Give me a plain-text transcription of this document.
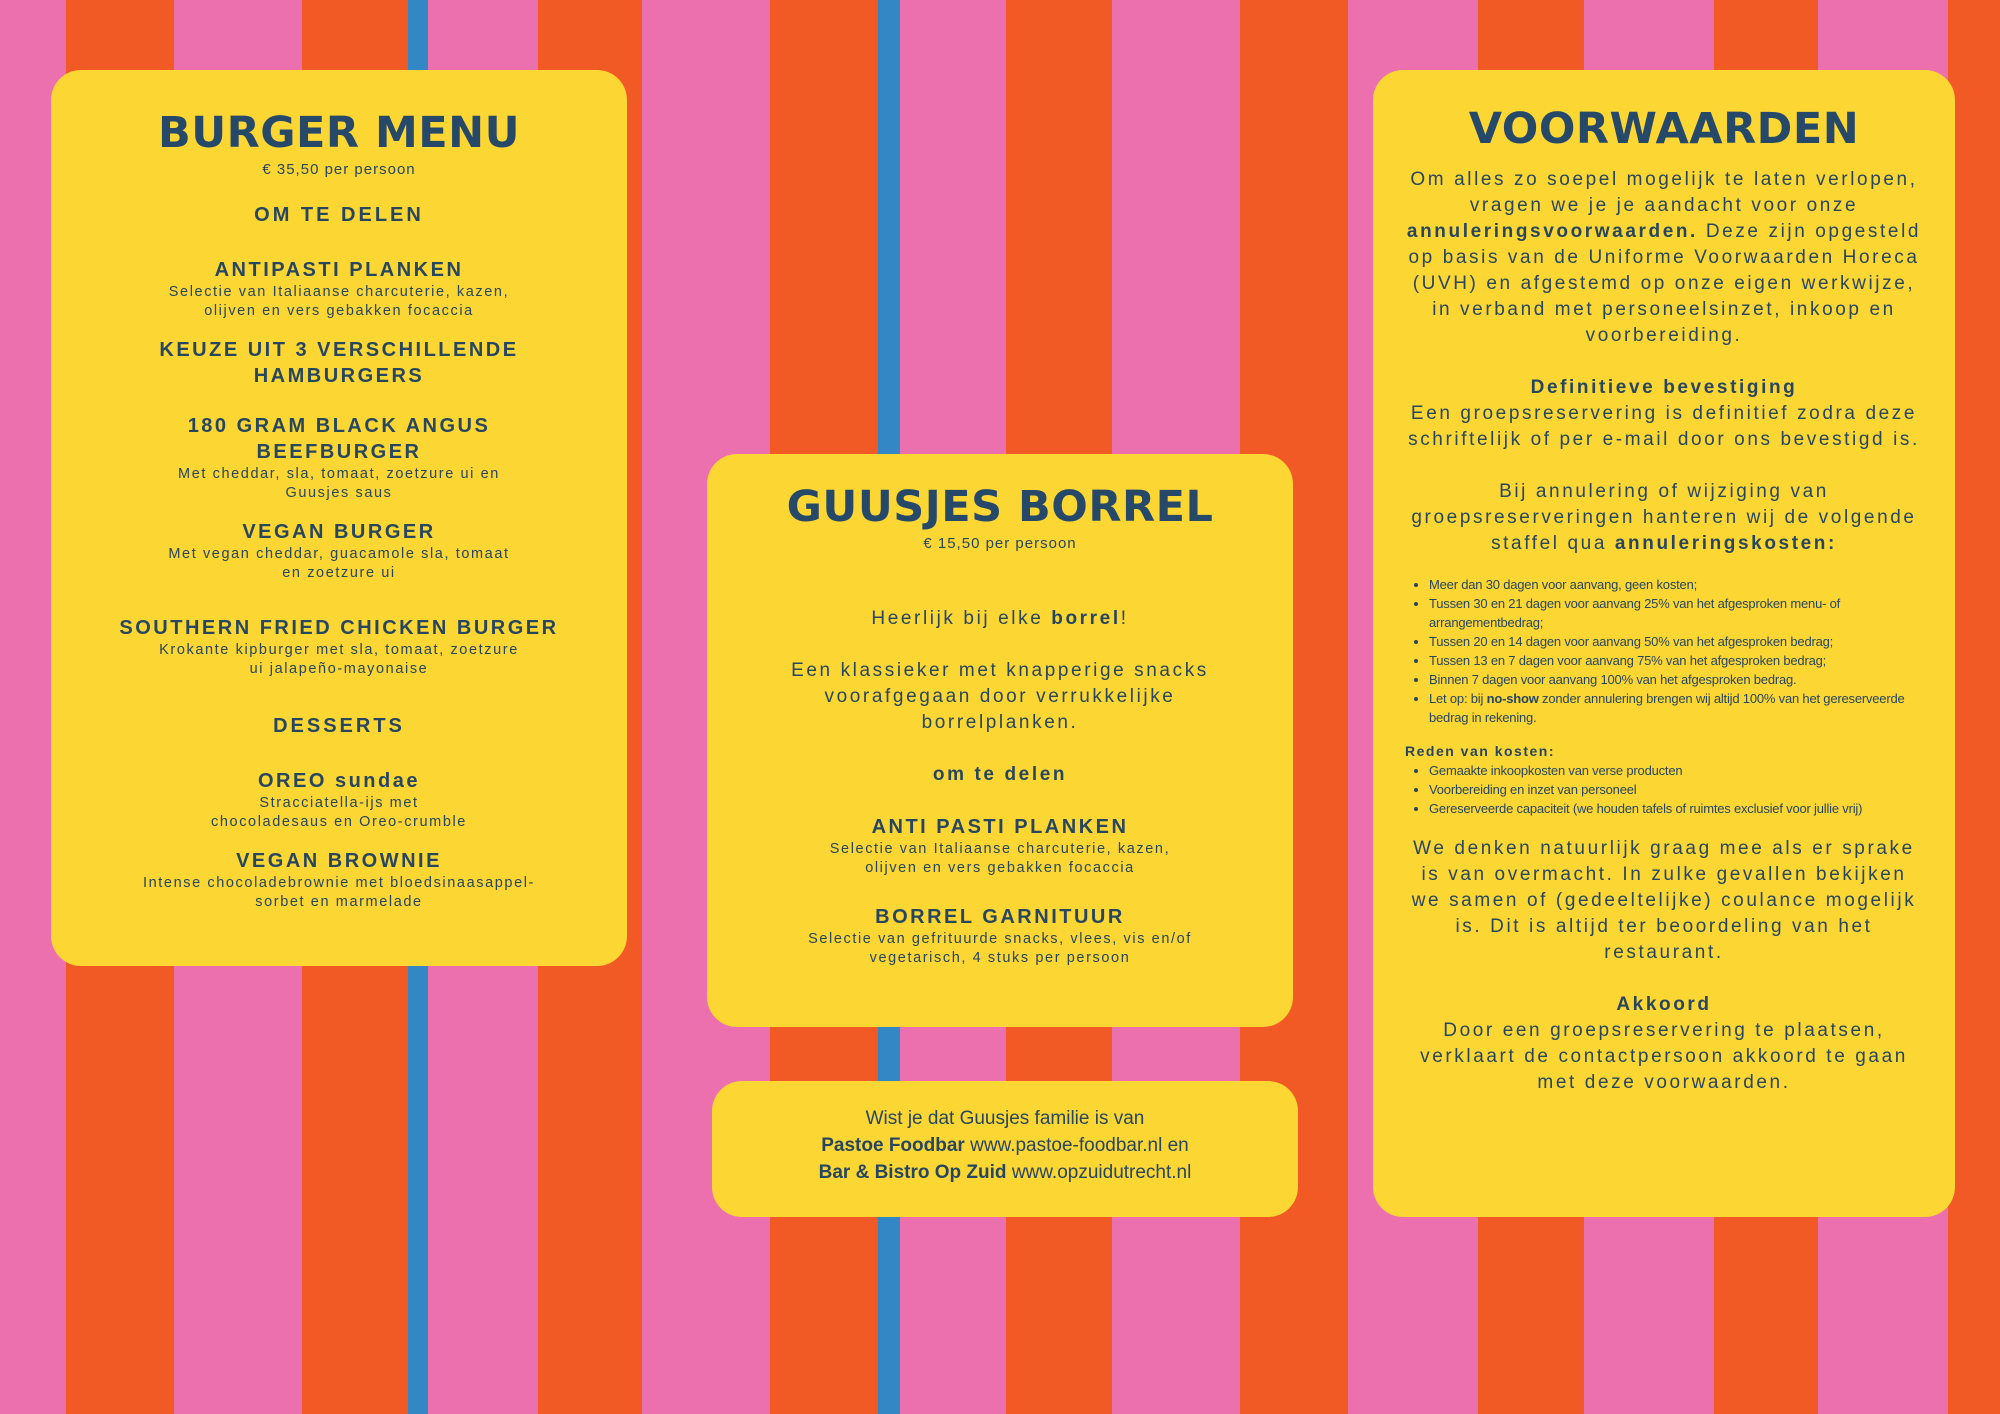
BURGER MENU
€ 35,50 per persoon
OM TE DELEN
ANTIPASTI PLANKEN
Selectie van Italiaanse charcuterie, kazen, olijven en vers gebakken focaccia
KEUZE UIT 3 VERSCHILLENDE HAMBURGERS
180 GRAM BLACK ANGUS BEEFBURGER
Met cheddar, sla, tomaat, zoetzure ui en Guusjes saus
VEGAN BURGER
Met vegan cheddar, guacamole sla, tomaat en zoetzure ui
SOUTHERN FRIED CHICKEN BURGER
Krokante kipburger met sla, tomaat, zoetzure ui jalapeño-mayonaise
DESSERTS
OREO sundae
Stracciatella-ijs met chocoladesaus en Oreo-crumble
VEGAN BROWNIE
Intense chocoladebrownie met bloedsinaasappel-sorbet en marmelade
GUUSJES BORREL
€ 15,50 per persoon
Heerlijk bij elke borrel!
Een klassieker met knapperige snacks voorafgegaan door verrukkelijke borrelplanken.
om te delen
ANTI PASTI PLANKEN
Selectie van Italiaanse charcuterie, kazen, olijven en vers gebakken focaccia
BORREL GARNITUUR
Selectie van gefrituurde snacks, vlees, vis en/of vegetarisch, 4 stuks per persoon
Wist je dat Guusjes familie is van
Pastoe Foodbar www.pastoe-foodbar.nl en
Bar & Bistro Op Zuid www.opzuidutrecht.nl
VOORWAARDEN
Om alles zo soepel mogelijk te laten verlopen, vragen we je je aandacht voor onze annuleringsvoorwaarden. Deze zijn opgesteld op basis van de Uniforme Voorwaarden Horeca (UVH) en afgestemd op onze eigen werkwijze, in verband met personeelsinzet, inkoop en voorbereiding.
Definitieve bevestiging
Een groepsreservering is definitief zodra deze schriftelijk of per e-mail door ons bevestigd is.
Bij annulering of wijziging van groepsreserveringen hanteren wij de volgende staffel qua annuleringskosten:
• Meer dan 30 dagen voor aanvang, geen kosten;
• Tussen 30 en 21 dagen voor aanvang 25% van het afgesproken menu- of arrangementbedrag;
• Tussen 20 en 14 dagen voor aanvang 50% van het afgesproken bedrag;
• Tussen 13 en 7 dagen voor aanvang 75% van het afgesproken bedrag;
• Binnen 7 dagen voor aanvang 100% van het afgesproken bedrag.
• Let op: bij no-show zonder annulering brengen wij altijd 100% van het gereserveerde bedrag in rekening.
Reden van kosten:
• Gemaakte inkoopkosten van verse producten
• Voorbereiding en inzet van personeel
• Gereserveerde capaciteit (we houden tafels of ruimtes exclusief voor jullie vrij)
We denken natuurlijk graag mee als er sprake is van overmacht. In zulke gevallen bekijken we samen of (gedeeltelijke) coulance mogelijk is. Dit is altijd ter beoordeling van het restaurant.
Akkoord
Door een groepsreservering te plaatsen, verklaart de contactpersoon akkoord te gaan met deze voorwaarden.
